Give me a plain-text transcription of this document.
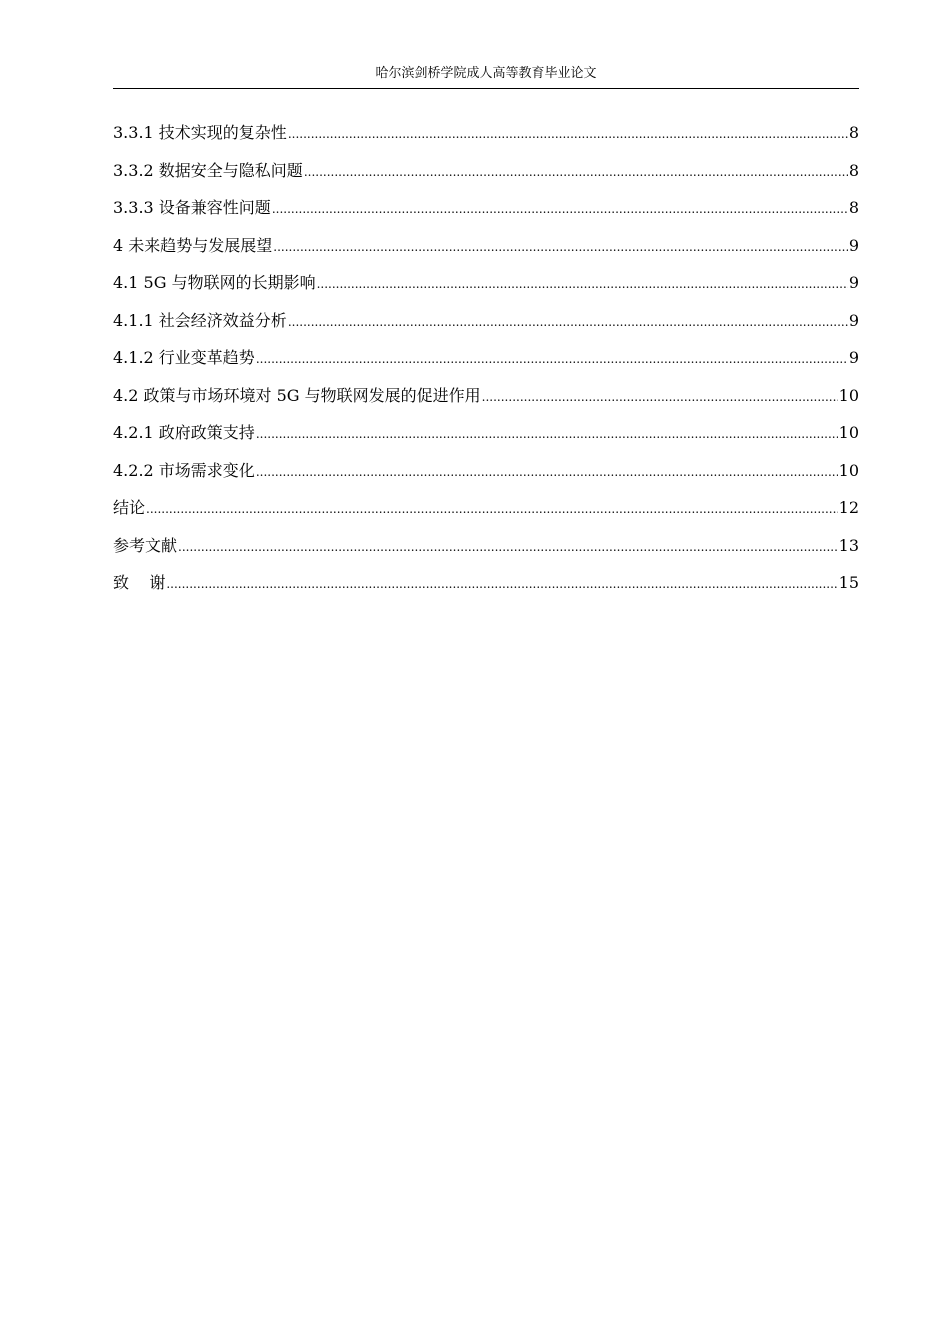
哈尔滨剑桥学院成人高等教育毕业论文
3.3.1 技术实现的复杂性 .....	8
3.3.2 数据安全与隐私问题 .....	8
3.3.3 设备兼容性问题 .....	8
4 未来趋势与发展展望 .....	9
4.1 5G 与物联网的长期影响 .....	9
4.1.1 社会经济效益分析 .....	9
4.1.2 行业变革趋势 .....	9
4.2 政策与市场环境对 5G 与物联网发展的促进作用 .....	10
4.2.1 政府政策支持 .....	10
4.2.2 市场需求变化 .....	10
结论 .....	12
参考文献 .....	13
致    谢 .....	15
